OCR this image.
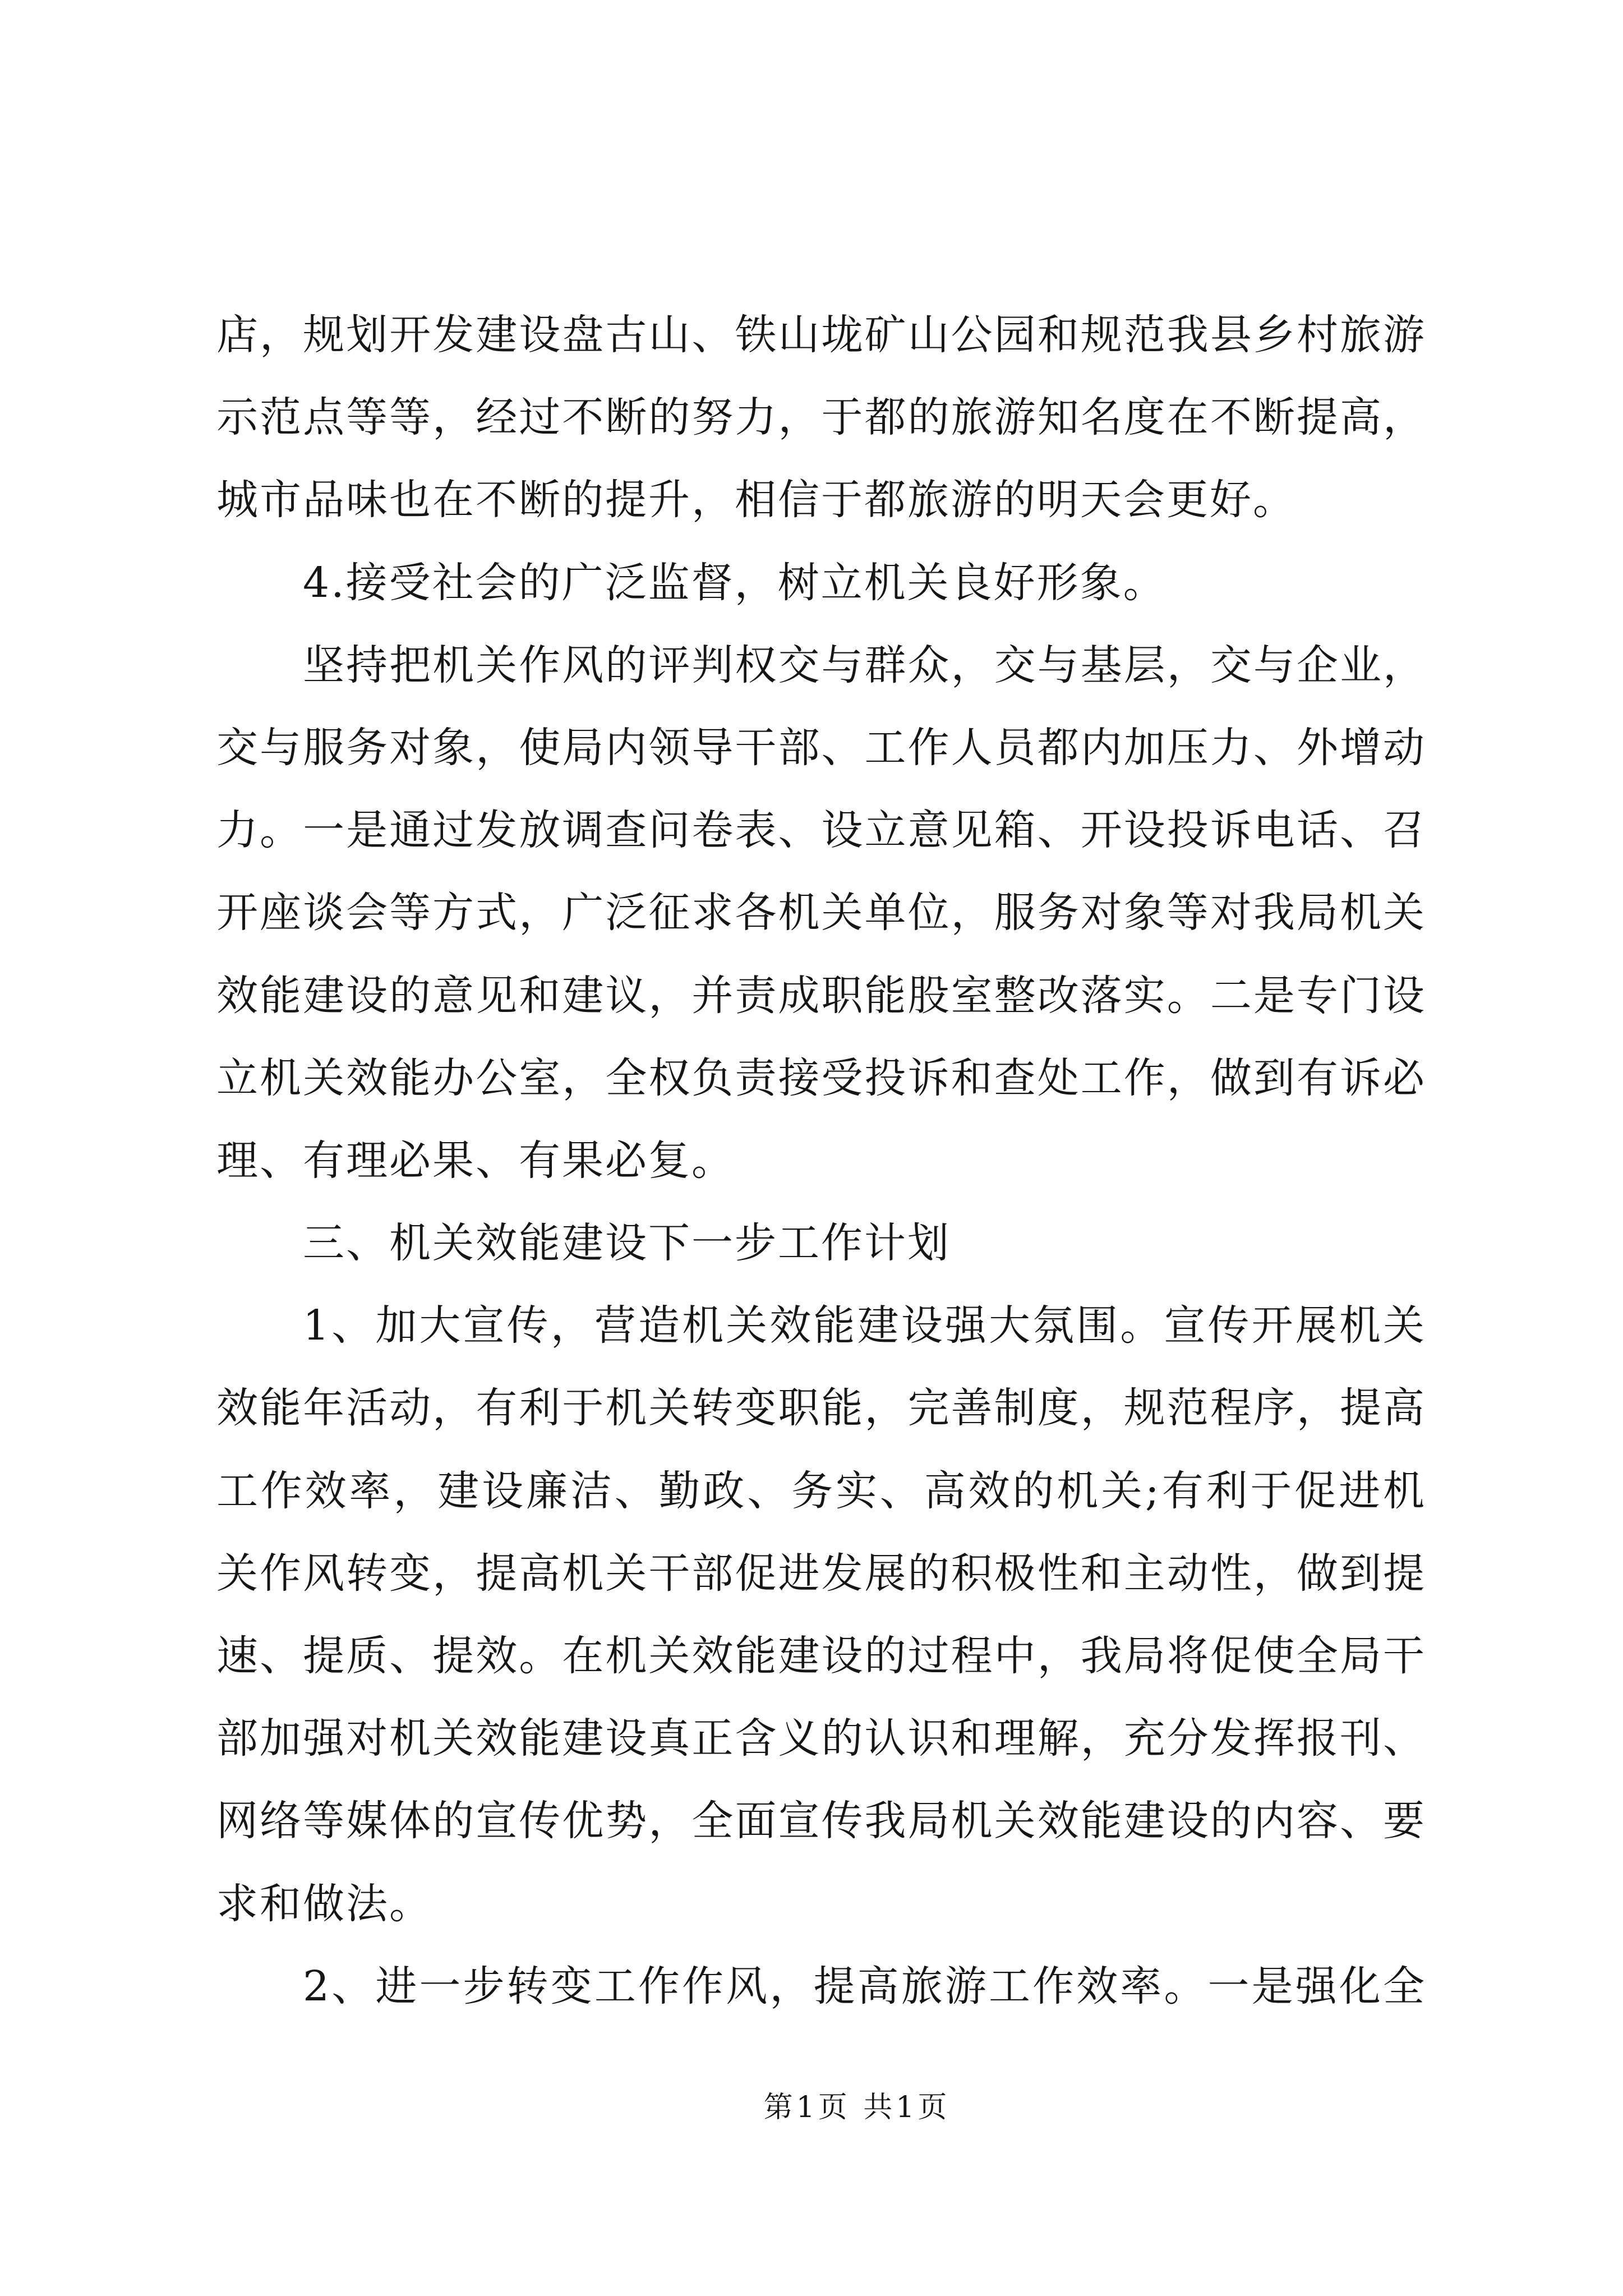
店，规划开发建设盘古山、铁山垅矿山公园和规范我县乡村旅游
示范点等等，经过不断的努力，于都的旅游知名度在不断提高，
城市品味也在不断的提升，相信于都旅游的明天会更好。
4.接受社会的广泛监督，树立机关良好形象。
坚持把机关作风的评判权交与群众，交与基层，交与企业，
交与服务对象，使局内领导干部、工作人员都内加压力、外增动
力。一是通过发放调查问卷表、设立意见箱、开设投诉电话、召
开座谈会等方式，广泛征求各机关单位，服务对象等对我局机关
效能建设的意见和建议，并责成职能股室整改落实。二是专门设
立机关效能办公室，全权负责接受投诉和查处工作，做到有诉必
理、有理必果、有果必复。
三、机关效能建设下一步工作计划
1、加大宣传，营造机关效能建设强大氛围。宣传开展机关
效能年活动，有利于机关转变职能，完善制度，规范程序，提高
工作效率，建设廉洁、勤政、务实、高效的机关;有利于促进机
关作风转变，提高机关干部促进发展的积极性和主动性，做到提
速、提质、提效。在机关效能建设的过程中，我局将促使全局干
部加强对机关效能建设真正含义的认识和理解，充分发挥报刊、
网络等媒体的宣传优势，全面宣传我局机关效能建设的内容、要
求和做法。
2、进一步转变工作作风，提高旅游工作效率。一是强化全
第1页 共1页
